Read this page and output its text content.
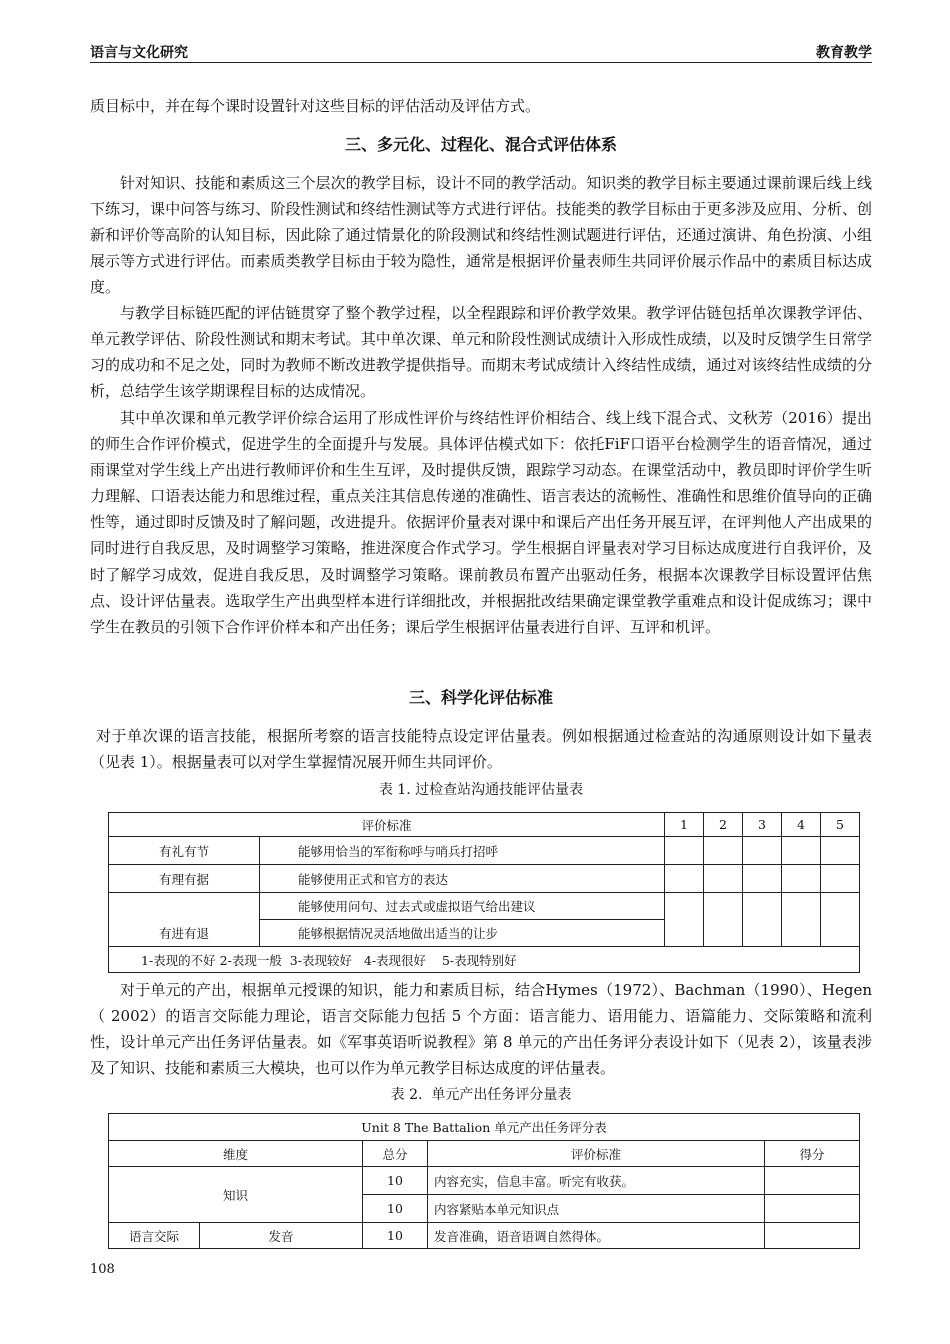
语言与文化研究	教育教学

质目标中，并在每个课时设置针对这些目标的评估活动及评估方式。

三、多元化、过程化、混合式评估体系

针对知识、技能和素质这三个层次的教学目标，设计不同的教学活动。知识类的教学目标主要通过课前课后线上线下练习，课中问答与练习、阶段性测试和终结性测试等方式进行评估。技能类的教学目标由于更多涉及应用、分析、创新和评价等高阶的认知目标，因此除了通过情景化的阶段测试和终结性测试题进行评估，还通过演讲、角色扮演、小组展示等方式进行评估。而素质类教学目标由于较为隐性，通常是根据评价量表师生共同评价展示作品中的素质目标达成度。

与教学目标链匹配的评估链贯穿了整个教学过程，以全程跟踪和评价教学效果。教学评估链包括单次课教学评估、单元教学评估、阶段性测试和期末考试。其中单次课、单元和阶段性测试成绩计入形成性成绩，以及时反馈学生日常学习的成功和不足之处，同时为教师不断改进教学提供指导。而期末考试成绩计入终结性成绩，通过对该终结性成绩的分析，总结学生该学期课程目标的达成情况。

其中单次课和单元教学评价综合运用了形成性评价与终结性评价相结合、线上线下混合式、文秋芳（2016）提出的师生合作评价模式，促进学生的全面提升与发展。具体评估模式如下：依托FiF口语平台检测学生的语音情况，通过雨课堂对学生线上产出进行教师评价和生生互评，及时提供反馈，跟踪学习动态。在课堂活动中，教员即时评价学生听力理解、口语表达能力和思维过程，重点关注其信息传递的准确性、语言表达的流畅性、准确性和思维价值导向的正确性等，通过即时反馈及时了解问题，改进提升。依据评价量表对课中和课后产出任务开展互评，在评判他人产出成果的同时进行自我反思，及时调整学习策略，推进深度合作式学习。学生根据自评量表对学习目标达成度进行自我评价，及时了解学习成效，促进自我反思，及时调整学习策略。课前教员布置产出驱动任务，根据本次课教学目标设置评估焦点、设计评估量表。选取学生产出典型样本进行详细批改，并根据批改结果确定课堂教学重难点和设计促成练习；课中学生在教员的引领下合作评价样本和产出任务；课后学生根据评估量表进行自评、互评和机评。

三、科学化评估标准

对于单次课的语言技能，根据所考察的语言技能特点设定评估量表。例如根据通过检查站的沟通原则设计如下量表（见表 1）。根据量表可以对学生掌握情况展开师生共同评价。

表 1. 过检查站沟通技能评估量表
评价标准		1	2	3	4	5
有礼有节	能够用恰当的军衔称呼与哨兵打招呼					
有理有据	能够使用正式和官方的表达					
有进有退	能够使用问句、过去式或虚拟语气给出建议					
	能够根据情况灵活地做出适当的让步					
1-表现的不好 2-表现一般  3-表现较好   4-表现很好    5-表现特别好						

对于单元的产出，根据单元授课的知识，能力和素质目标，结合Hymes（1972）、Bachman（1990）、Hegen（ 2002）的语言交际能力理论，语言交际能力包括 5 个方面：语言能力、语用能力、语篇能力、交际策略和流利性，设计单元产出任务评估量表。如《军事英语听说教程》第 8 单元的产出任务评分表设计如下（见表 2），该量表涉及了知识、技能和素质三大模块，也可以作为单元教学目标达成度的评估量表。

表 2.  单元产出任务评分量表
Unit 8 The Battalion 单元产出任务评分表				
维度		总分	评价标准	得分
知识		10	内容充实，信息丰富。听完有收获。	
		10	内容紧贴本单元知识点	
语言交际	发音	10	发音准确，语音语调自然得体。	
108
